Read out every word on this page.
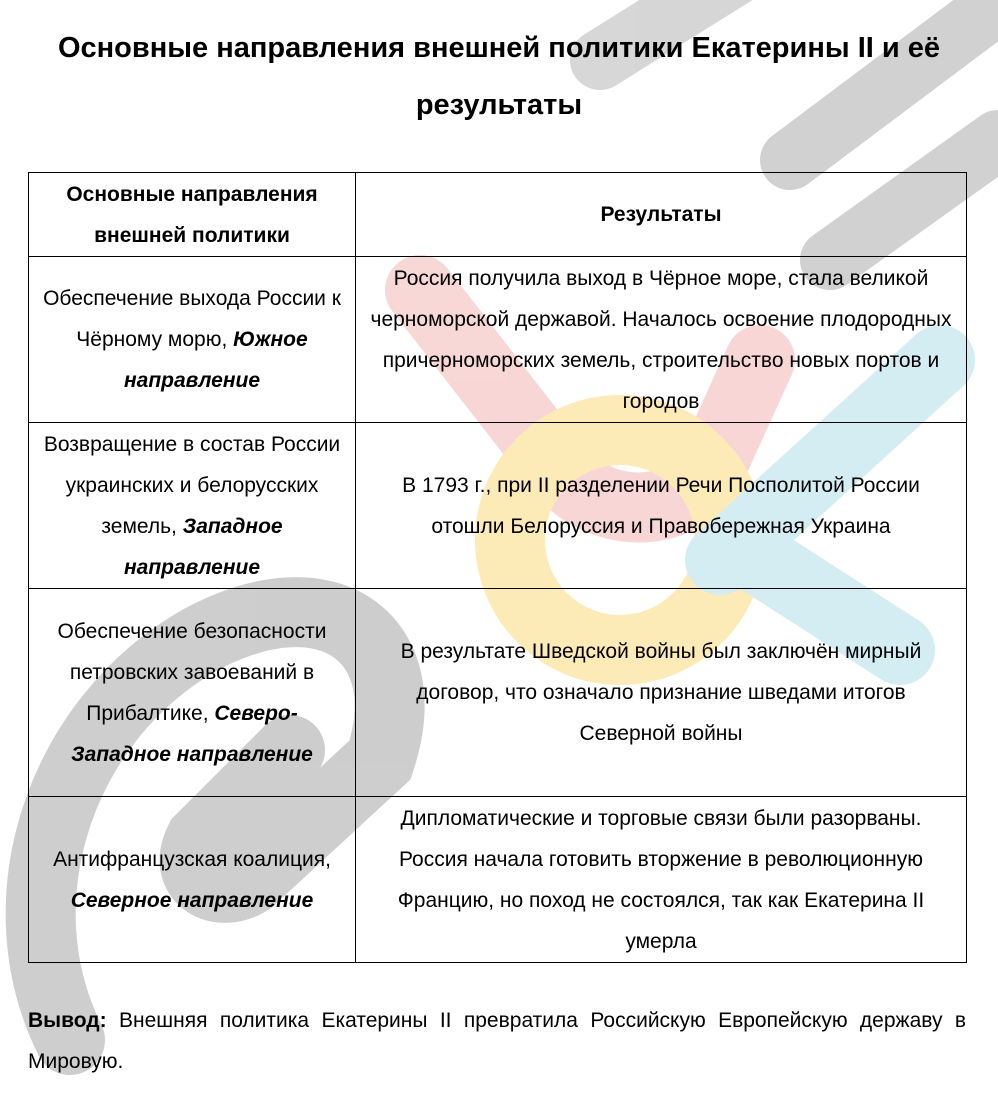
Основные направления внешней политики Екатерины II и её результаты
Основные направления внешней политики	Результаты
Обеспечение выхода России к Чёрному морю, Южное направление	Россия получила выход в Чёрное море, стала великой черноморской державой. Началось освоение плодородных причерноморских земель, строительство новых портов и городов
Возвращение в состав России украинских и белорусских земель, Западное направление	В 1793 г., при II разделении Речи Посполитой России отошли Белоруссия и Правобережная Украина
Обеспечение безопасности петровских завоеваний в Прибалтике, Северо-Западное направление	В результате Шведской войны был заключён мирный договор, что означало признание шведами итогов Северной войны
Антифранцузская коалиция, Северное направление	Дипломатические и торговые связи были разорваны. Россия начала готовить вторжение в революционную Францию, но поход не состоялся, так как Екатерина II умерла

Вывод: Внешняя политика Екатерины II превратила Российскую Европейскую державу в Мировую.
